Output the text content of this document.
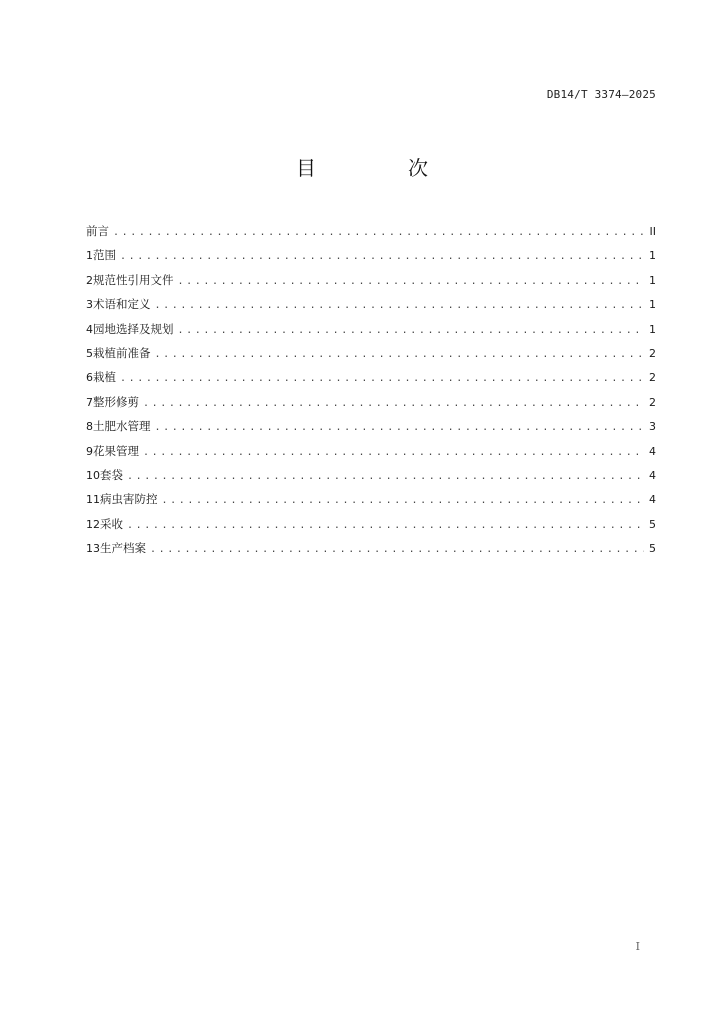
DB14/T 3374—2025
目　次
前言 .....	II
1 范围 .....	1
2 规范性引用文件 .....	1
3 术语和定义 .....	1
4 园地选择及规划 .....	1
5 栽植前准备 .....	2
6 栽植 .....	2
7 整形修剪 .....	2
8 土肥水管理 .....	3
9 花果管理 .....	4
10 套袋 .....	4
11 病虫害防控 .....	4
12 采收 .....	5
13 生产档案 .....	5
I
